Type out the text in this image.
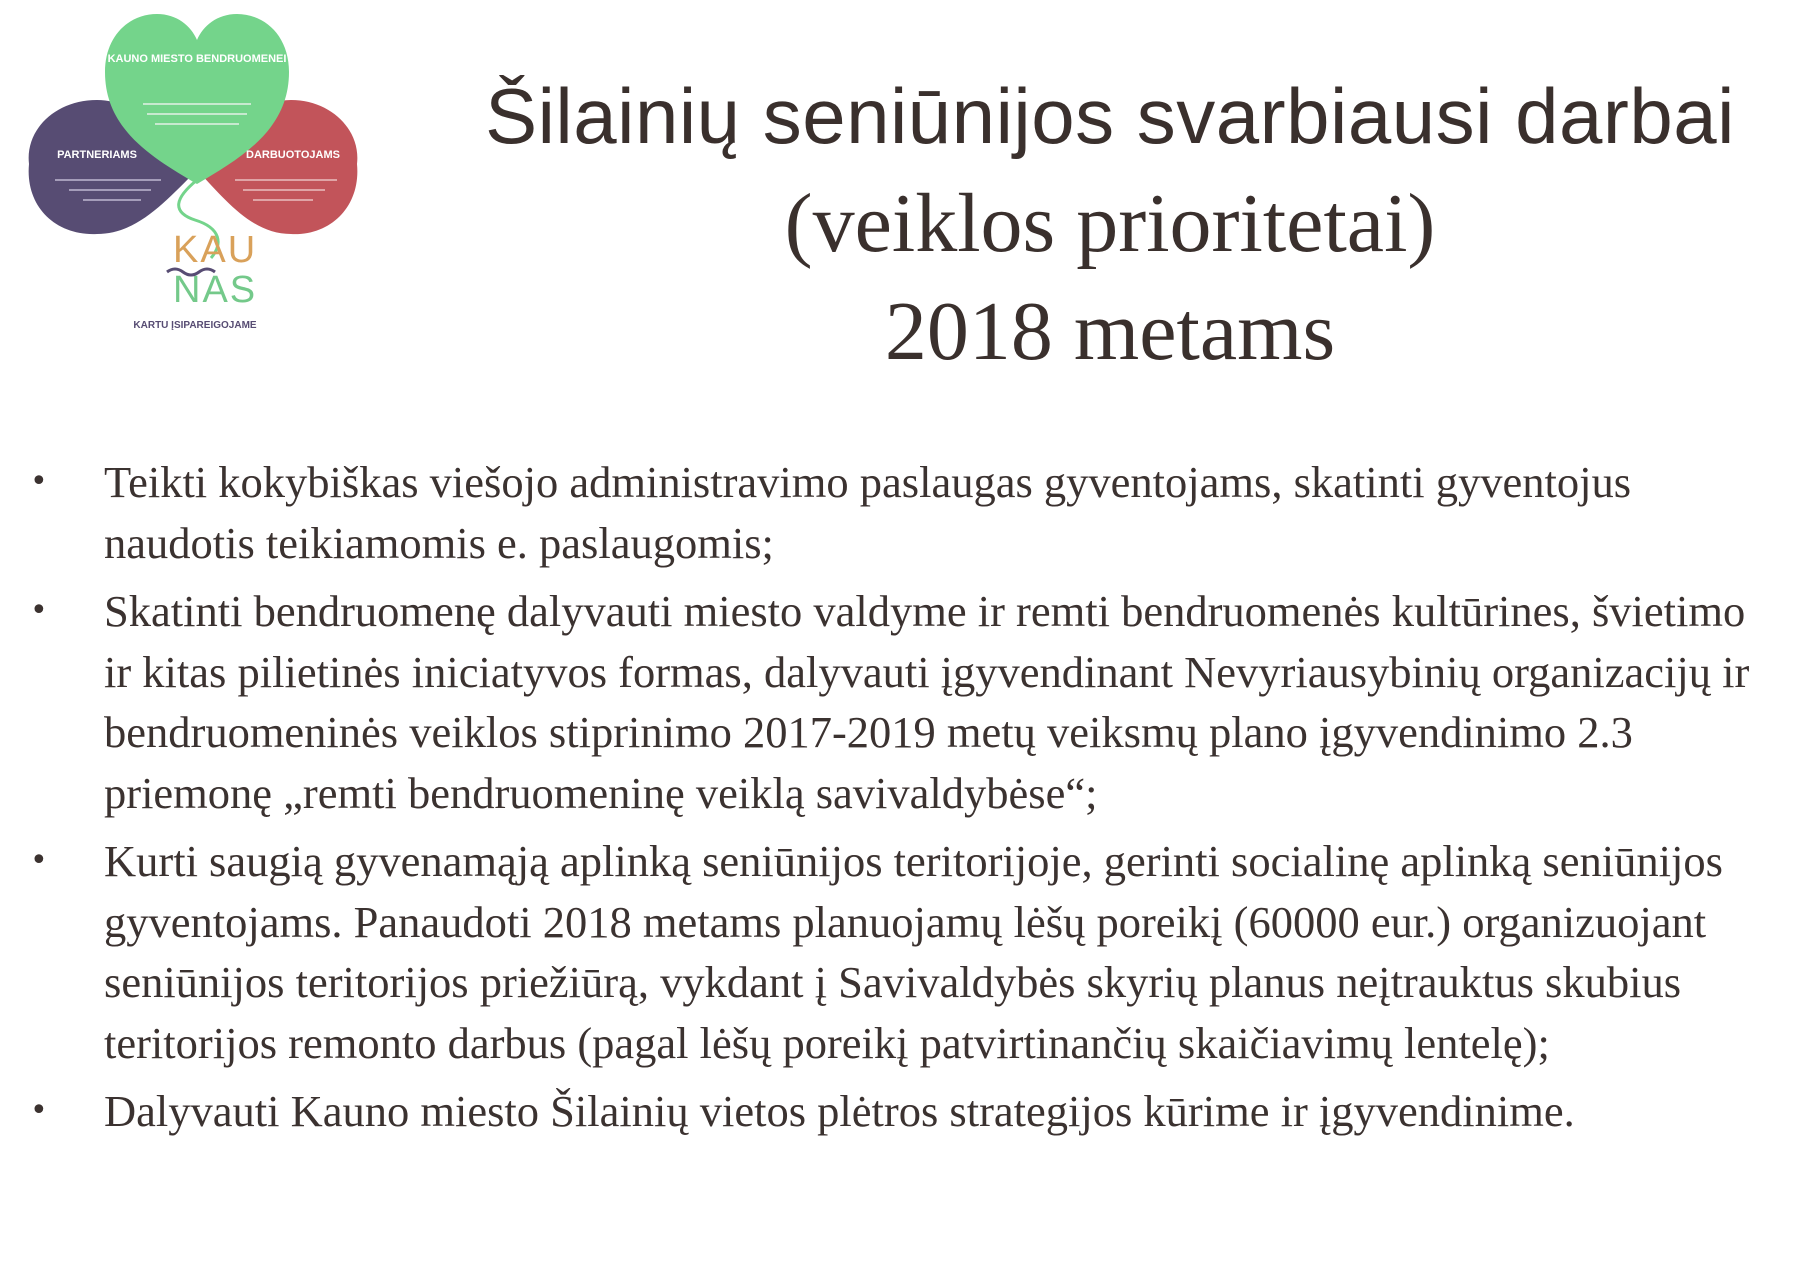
KAUNO MIESTO BENDRUOMENEI
PARTNERIAMS	DARBUOTOJAMS
KAU
NAS
KARTU ĮSIPAREIGOJAME
Šilainių seniūnijos svarbiausi darbai
(veiklos prioritetai)
2018 metams
• Teikti kokybiškas viešojo administravimo paslaugas gyventojams, skatinti gyventojus naudotis teikiamomis e. paslaugomis;
• Skatinti bendruomenę dalyvauti miesto valdyme ir remti bendruomenės kultūrines, švietimo ir kitas pilietinės iniciatyvos formas, dalyvauti įgyvendinant Nevyriausybinių organizacijų ir bendruomeninės veiklos stiprinimo 2017-2019 metų veiksmų plano įgyvendinimo 2.3 priemonę „remti bendruomeninę veiklą savivaldybėse“;
• Kurti saugią gyvenamąją aplinką seniūnijos teritorijoje, gerinti socialinę aplinką seniūnijos gyventojams. Panaudoti 2018 metams planuojamų lėšų poreikį (60000 eur.) organizuojant seniūnijos teritorijos priežiūrą, vykdant į Savivaldybės skyrių planus neįtrauktus skubius teritorijos remonto darbus (pagal lėšų poreikį patvirtinančių skaičiavimų lentelę);
• Dalyvauti Kauno miesto Šilainių vietos plėtros strategijos kūrime ir įgyvendinime.
